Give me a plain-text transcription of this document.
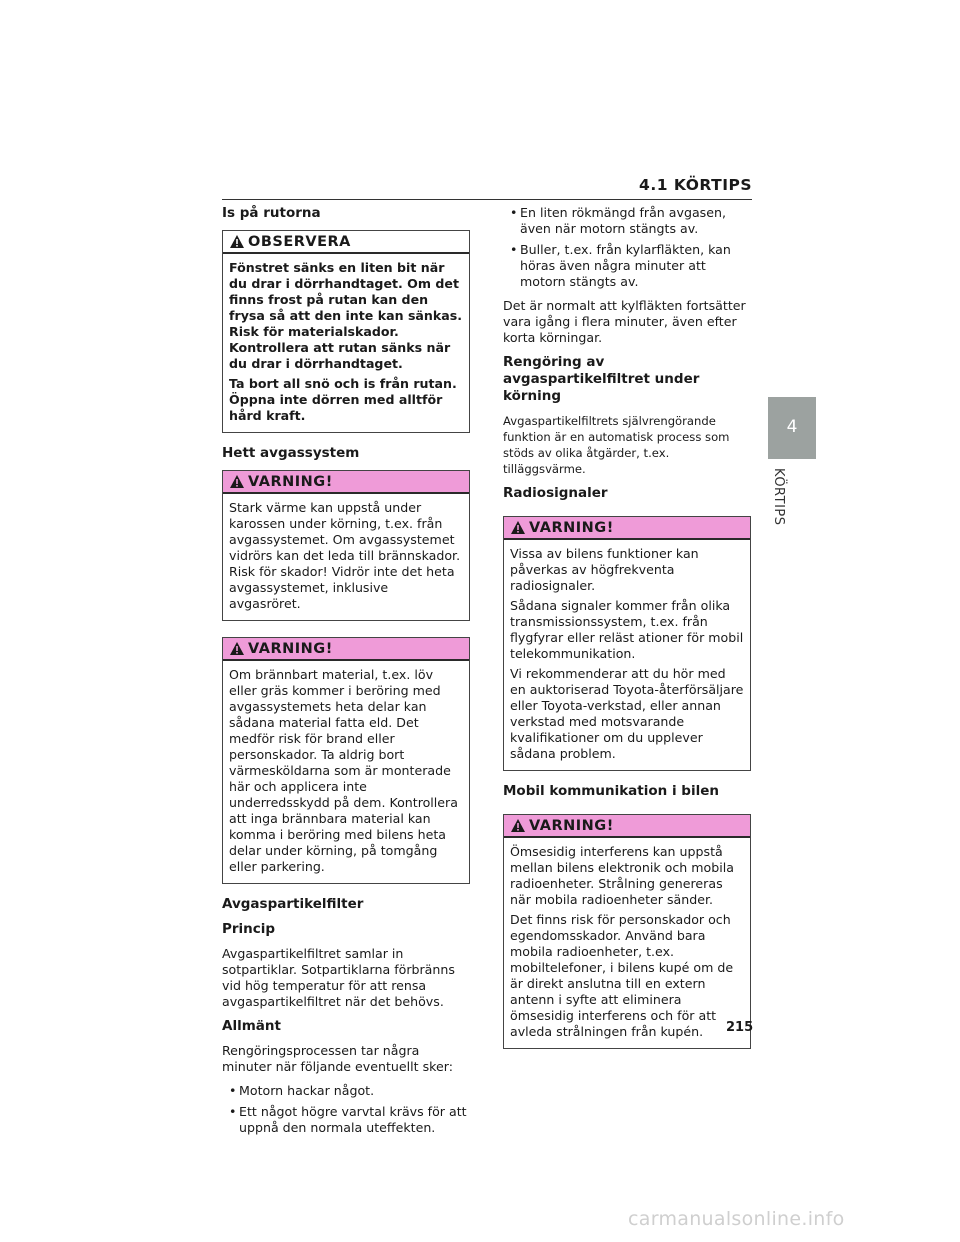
4.1 KÖRTIPS
Is på rutorna
OBSERVERA

Fönstret sänks en liten bit när du drar i dörrhandtaget. Om det finns frost på rutan kan den frysa så att den inte kan sänkas. Risk för materialskador. Kontrollera att rutan sänks när du drar i dörrhandtaget.

Ta bort all snö och is från rutan. Öppna inte dörren med alltför hård kraft.

Hett avgassystem
VARNING!

Stark värme kan uppstå under karossen under körning, t.ex. från avgassystemet. Om avgassystemet vidrörs kan det leda till brännskador. Risk för skador! Vidrör inte det heta avgassystemet, inklusive avgasröret.

VARNING!

Om brännbart material, t.ex. löv eller gräs kommer i beröring med avgassystemets heta delar kan sådana material fatta eld. Det medför risk för brand eller personskador. Ta aldrig bort värmesköldarna som är monterade här och applicera inte underredsskydd på dem. Kontrollera att inga brännbara material kan komma i beröring med bilens heta delar under körning, på tomgång eller parkering.

Avgaspartikelfilter
Princip

Avgaspartikelfiltret samlar in sotpartiklar. Sotpartiklarna förbränns vid hög temperatur för att rensa avgaspartikelfiltret när det behövs.

Allmänt

Rengöringsprocessen tar några minuter när följande eventuellt sker:

• Motorn hackar något.
• Ett något högre varvtal krävs för att uppnå den normala uteffekten.
• En liten rökmängd från avgasen, även när motorn stängts av.
• Buller, t.ex. från kylarfläkten, kan höras även några minuter att motorn stängts av.

Det är normalt att kylfläkten fortsätter vara igång i flera minuter, även efter korta körningar.

Rengöring av avgaspartikelfiltret under körning

Avgaspartikelfiltrets självrengörande funktion är en automatisk process som stöds av olika åtgärder, t.ex. tilläggsvärme.

Radiosignaler
VARNING!

Vissa av bilens funktioner kan påverkas av högfrekventa radiosignaler.

Sådana signaler kommer från olika transmissionssystem, t.ex. från flygfyrar eller reläst ationer för mobil telekommunikation.

Vi rekommenderar att du hör med en auktoriserad Toyota-återförsäljare eller Toyota-verkstad, eller annan verkstad med motsvarande kvalifikationer om du upplever sådana problem.

Mobil kommunikation i bilen
VARNING!

Ömsesidig interferens kan uppstå mellan bilens elektronik och mobila radioenheter. Strålning genereras när mobila radioenheter sänder.

Det finns risk för personskador och egendomsskador. Använd bara mobila radioenheter, t.ex. mobiltelefoner, i bilens kupé om de är direkt anslutna till en extern antenn i syfte att eliminera ömsesidig interferens och för att avleda strålningen från kupén.

4
KÖRTIPS
215
carmanualsonline.info
